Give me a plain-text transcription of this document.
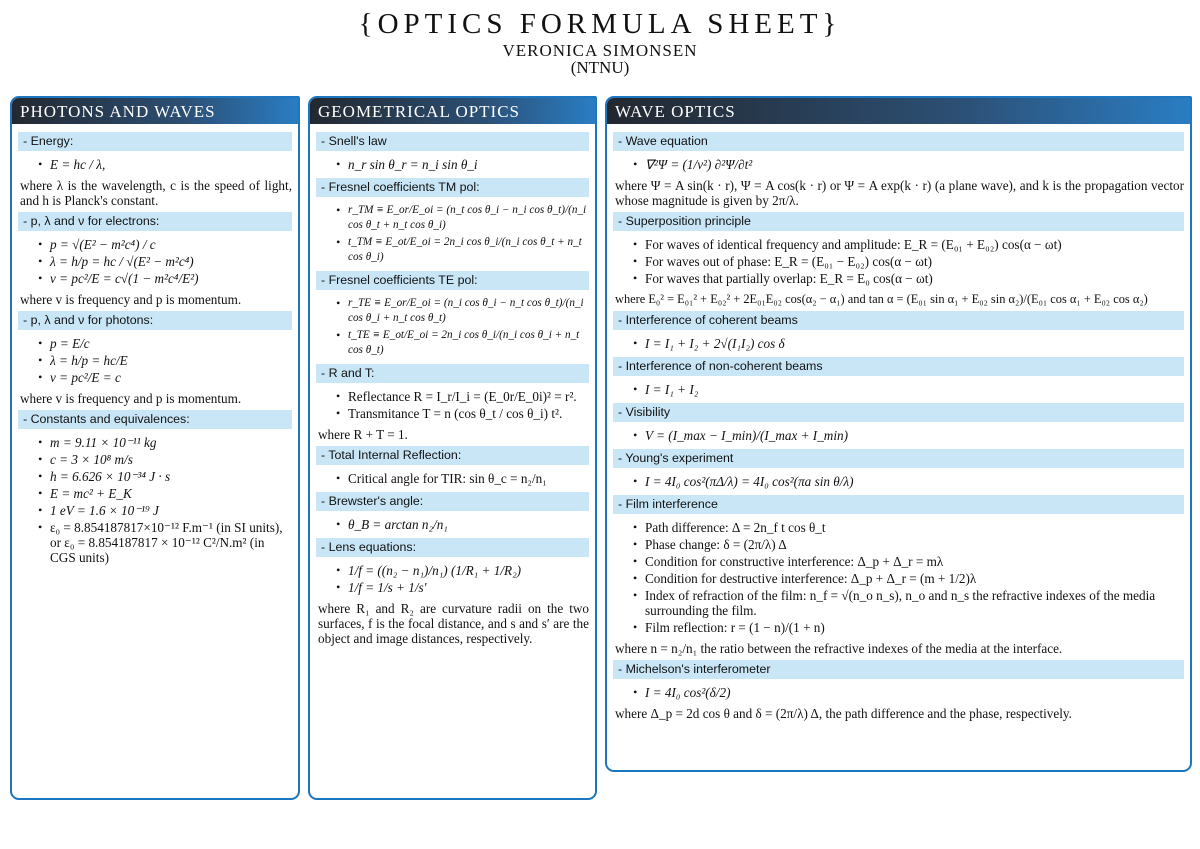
{OPTICS FORMULA SHEET}
VERONICA SIMONSEN
(NTNU)
PHOTONS AND WAVES
- Energy:
• E = hc / λ,
where λ is the wavelength, c is the speed of light, and h is Planck's constant.
- p, λ and ν for electrons:
• p = √(E² − m²c⁴) / c
• λ = h/p = hc / √(E² − m²c⁴)
• v = pc²/E = c√(1 − m²c⁴/E²)
where v is frequency and p is momentum.
- p, λ and ν for photons:
• p = E/c
• λ = h/p = hc/E
• v = pc²/E = c
where v is frequency and p is momentum.
- Constants and equivalences:
• m = 9.11 × 10⁻¹¹ kg
• c = 3 × 10⁸ m/s
• h = 6.626 × 10⁻³⁴ J · s
• E = mc² + E_K
• 1 eV = 1.6 × 10⁻¹⁹ J
• ε₀ = 8.854187817×10⁻¹² F.m⁻¹ (in SI units), or ε₀ = 8.854187817 × 10⁻¹² C²/N.m² (in CGS units)
GEOMETRICAL OPTICS
- Snell's law
• n_r sin θ_r = n_i sin θ_i
- Fresnel coefficients TM pol:
• r_TM ≡ E_or/E_oi = (n_t cos θ_i − n_i cos θ_t)/(n_i cos θ_t + n_t cos θ_i)
• t_TM ≡ E_ot/E_oi = 2n_i cos θ_i/(n_i cos θ_t + n_t cos θ_i)
- Fresnel coefficients TE pol:
• r_TE ≡ E_or/E_oi = (n_i cos θ_i − n_t cos θ_t)/(n_i cos θ_i + n_t cos θ_t)
• t_TE ≡ E_ot/E_oi = 2n_i cos θ_i/(n_i cos θ_i + n_t cos θ_t)
- R and T:
• Reflectance R = I_r/I_i = (E_0r/E_0i)² = r².
• Transmitance T = n (cos θ_t / cos θ_i) t².
where R + T = 1.
- Total Internal Reflection:
• Critical angle for TIR: sin θ_c = n₂/n₁
- Brewster's angle:
• θ_B = arctan n₂/n₁
- Lens equations:
• 1/f = ((n₂ − n₁)/n₁) (1/R₁ + 1/R₂)
• 1/f = 1/s + 1/s′
where R₁ and R₂ are curvature radii on the two surfaces, f is the focal distance, and s and s′ are the object and image distances, respectively.
WAVE OPTICS
- Wave equation
• ∇²Ψ = (1/v²) ∂²Ψ/∂t²
where Ψ = A sin(k · r), Ψ = A cos(k · r) or Ψ = A exp(k · r) (a plane wave), and k is the propagation vector whose magnitude is given by 2π/λ.
- Superposition principle
• For waves of identical frequency and amplitude: E_R = (E₀₁ + E₀₂) cos(α − ωt)
• For waves out of phase: E_R = (E₀₁ − E₀₂) cos(α − ωt)
• For waves that partially overlap: E_R = E₀ cos(α − ωt)
where E₀² = E₀₁² + E₀₂² + 2E₀₁E₀₂ cos(α₂ − α₁) and tan α = (E₀₁ sin α₁ + E₀₂ sin α₂)/(E₀₁ cos α₁ + E₀₂ cos α₂)
- Interference of coherent beams
• I = I₁ + I₂ + 2√(I₁I₂) cos δ
- Interference of non-coherent beams
• I = I₁ + I₂
- Visibility
• V = (I_max − I_min)/(I_max + I_min)
- Young's experiment
• I = 4I₀ cos²(πΔ/λ) = 4I₀ cos²(πa sin θ/λ)
- Film interference
• Path difference: Δ = 2n_f t cos θ_t
• Phase change: δ = (2π/λ) Δ
• Condition for constructive interference: Δ_p + Δ_r = mλ
• Condition for destructive interference: Δ_p + Δ_r = (m + 1/2)λ
• Index of refraction of the film: n_f = √(n_o n_s), n_o and n_s the refractive indexes of the media surrounding the film.
• Film reflection: r = (1 − n)/(1 + n)
where n = n₂/n₁ the ratio between the refractive indexes of the media at the interface.
- Michelson's interferometer
• I = 4I₀ cos²(δ/2)
where Δ_p = 2d cos θ and δ = (2π/λ) Δ, the path difference and the phase, respectively.
